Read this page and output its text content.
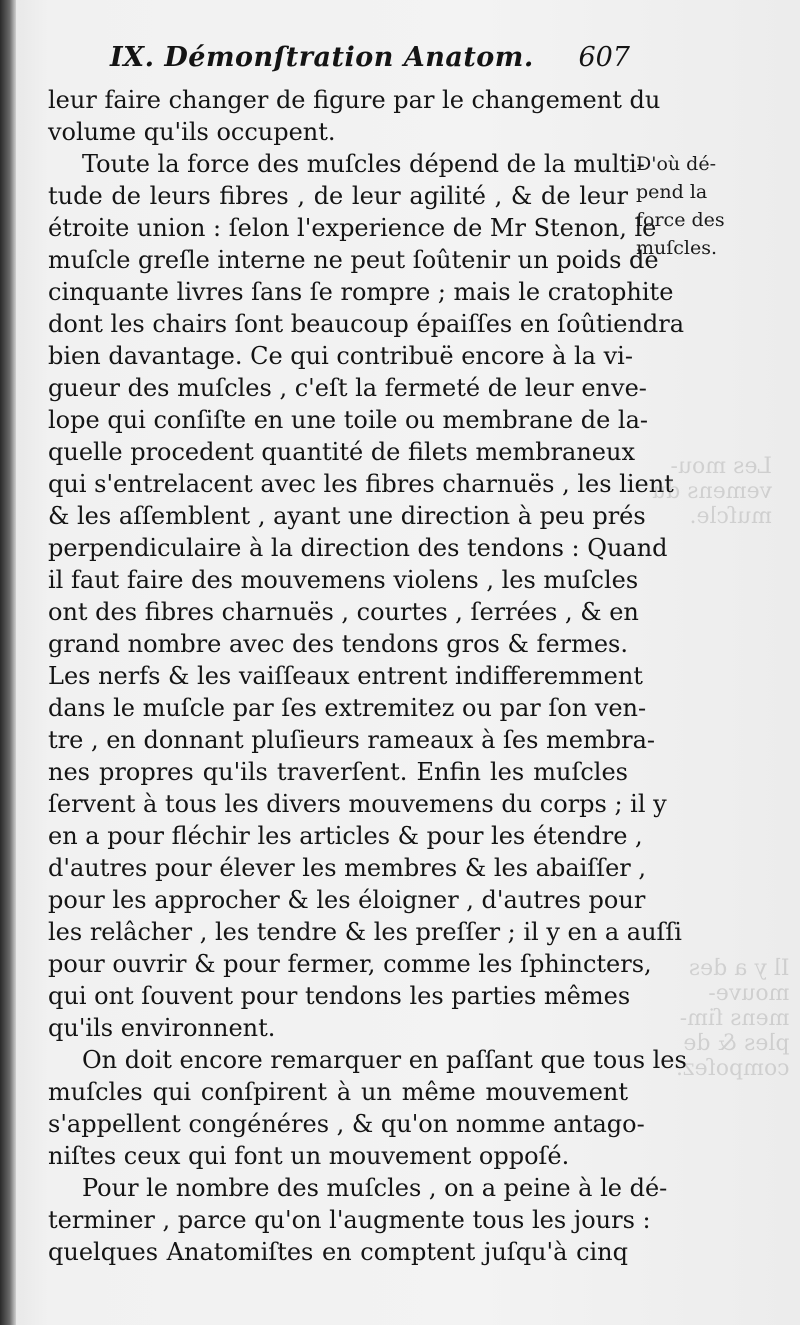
IX. Démonſtration Anatom. 607
Les mou-
vemens du
muſcle.
Il y a des
mouve-
mens ſim-
ples & de
compoſez.
leur faire changer de figure par le changement du
volume qu'ils occupent.
Toute la force des muſcles dépend de la multi-
tude de leurs fibres , de leur agilité , & de leur
étroite union : ſelon l'experience de Mr Stenon, le
muſcle greſle interne ne peut ſoûtenir un poids de
cinquante livres ſans ſe rompre ; mais le cratophite
dont les chairs ſont beaucoup épaiſſes en ſoûtiendra
bien davantage. Ce qui contribuë encore à la vi-
gueur des muſcles , c'eſt la fermeté de leur enve-
lope qui conſiſte en une toile ou membrane de la-
quelle procedent quantité de filets membraneux
qui s'entrelacent avec les fibres charnuës , les lient
& les aſſemblent , ayant une direction à peu prés
perpendiculaire à la direction des tendons : Quand
il faut faire des mouvemens violens , les muſcles
ont des fibres charnuës , courtes , ſerrées , & en
grand nombre avec des tendons gros & fermes.
Les nerfs & les vaiſſeaux entrent indifferemment
dans le muſcle par ſes extremitez ou par ſon ven-
tre , en donnant pluſieurs rameaux à ſes membra-
nes propres qu'ils traverſent. Enfin les muſcles
ſervent à tous les divers mouvemens du corps ; il y
en a pour fléchir les articles & pour les étendre ,
d'autres pour élever les membres & les abaiſſer ,
pour les approcher & les éloigner , d'autres pour
les relâcher , les tendre & les preſſer ; il y en a auſſi
pour ouvrir & pour fermer, comme les ſphincters,
qui ont ſouvent pour tendons les parties mêmes
qu'ils environnent.
On doit encore remarquer en paſſant que tous les
muſcles qui conſpirent à un même mouvement
s'appellent congénéres , & qu'on nomme antago-
niſtes ceux qui font un mouvement oppoſé.
Pour le nombre des muſcles , on a peine à le dé-
terminer , parce qu'on l'augmente tous les jours :
quelques Anatomiſtes en comptent juſqu'à cinq
D'où dé-
pend la
force des
muſcles.
